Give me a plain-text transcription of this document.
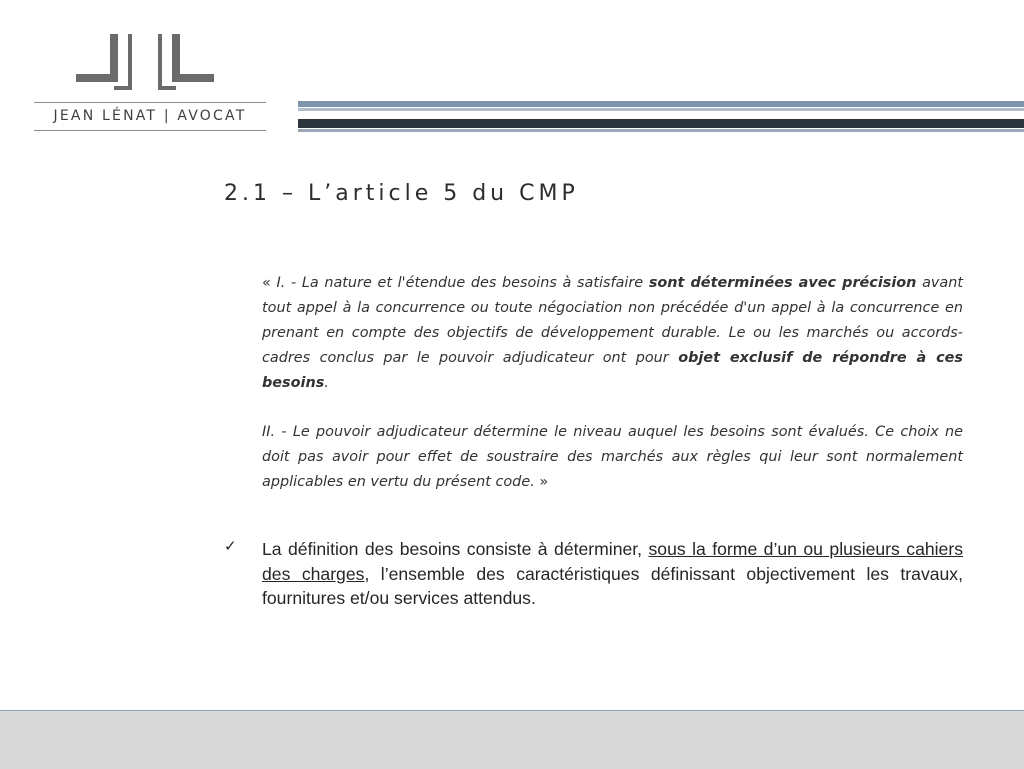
JEAN LÉNAT | AVOCAT
2.1 – L’article 5 du CMP

« I. - La nature et l'étendue des besoins à satisfaire sont déterminées avec précision avant tout appel à la concurrence ou toute négociation non précédée d'un appel à la concurrence en prenant en compte des objectifs de développement durable. Le ou les marchés ou accords-cadres conclus par le pouvoir adjudicateur ont pour objet exclusif de répondre à ces besoins.

II. - Le pouvoir adjudicateur détermine le niveau auquel les besoins sont évalués. Ce choix ne doit pas avoir pour effet de soustraire des marchés aux règles qui leur sont normalement applicables en vertu du présent code. »

✓ La définition des besoins consiste à déterminer, sous la forme d’un ou plusieurs cahiers des charges, l’ensemble des caractéristiques définissant objectivement les travaux, fournitures et/ou services attendus.
